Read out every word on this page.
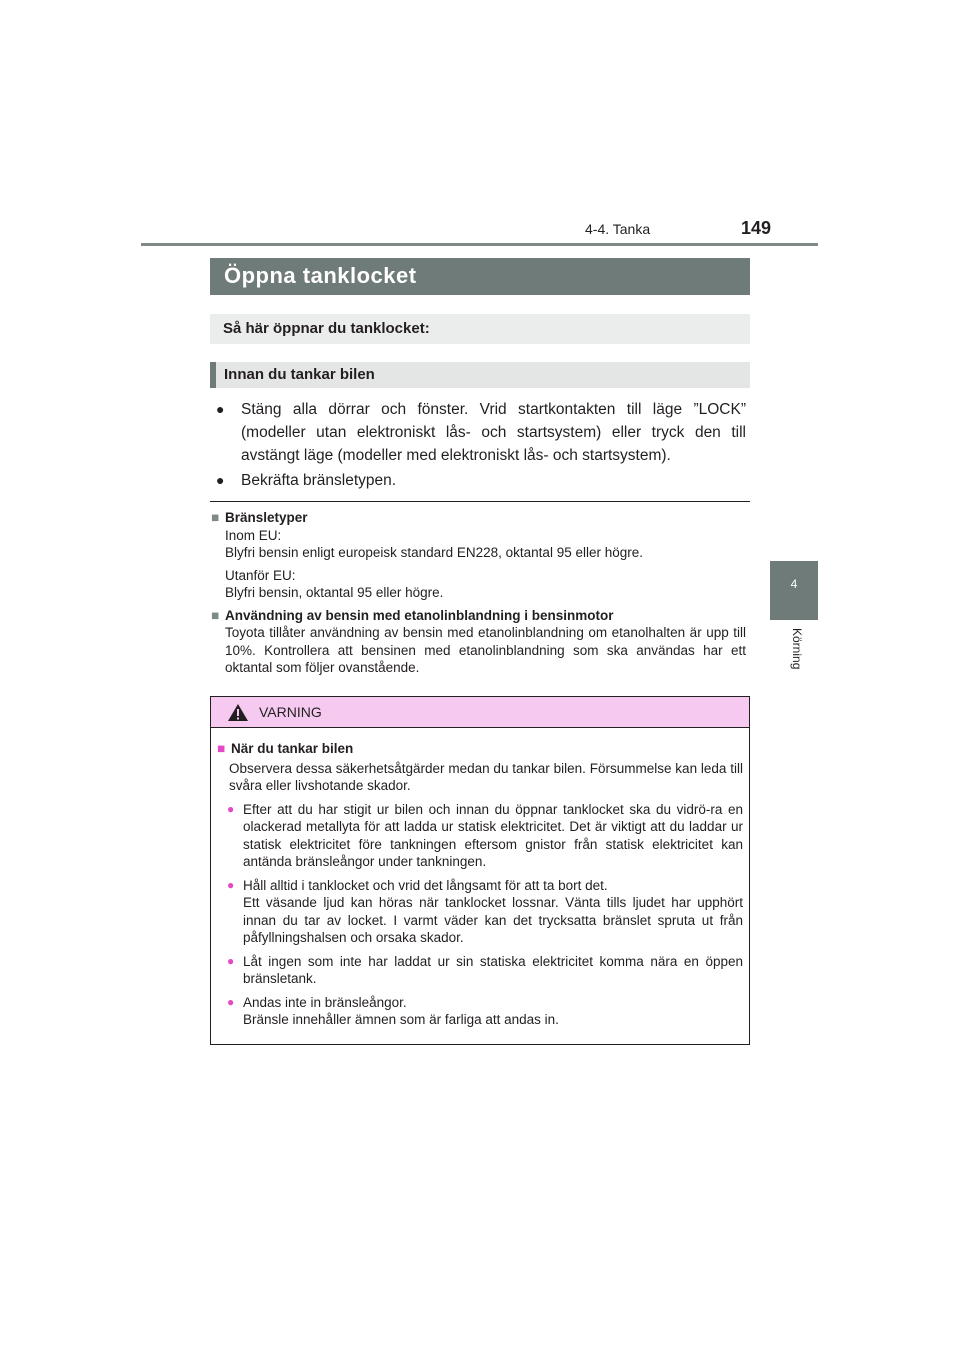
4-4. Tanka	149
4
Körning
Öppna tanklocket
Så här öppnar du tanklocket:
Innan du tankar bilen
●	Stäng alla dörrar och fönster. Vrid startkontakten till läge ”LOCK” (modeller utan elektroniskt lås- och startsystem) eller tryck den till avstängt läge (modeller med elektroniskt lås- och startsystem).
●	Bekräfta bränsletypen.
■ Bränsletyper

Inom EU:
Blyfri bensin enligt europeisk standard EN228, oktantal 95 eller högre.

Utanför EU:
Blyfri bensin, oktantal 95 eller högre.

■ Användning av bensin med etanolinblandning i bensinmotor

Toyota tillåter användning av bensin med etanolinblandning om etanolhalten är upp till 10%. Kontrollera att bensinen med etanolinblandning som ska användas har ett oktantal som följer ovanstående.

VARNING
■ När du tankar bilen
Observera dessa säkerhetsåtgärder medan du tankar bilen. Försummelse kan leda till svåra eller livshotande skador.
● Efter att du har stigit ur bilen och innan du öppnar tanklocket ska du vidrö-ra en olackerad metallyta för att ladda ur statisk elektricitet. Det är viktigt att du laddar ur statisk elektricitet före tankningen eftersom gnistor från statisk elektricitet kan antända bränsleångor under tankningen.
● Håll alltid i tanklocket och vrid det långsamt för att ta bort det.
Ett väsande ljud kan höras när tanklocket lossnar. Vänta tills ljudet har upphört innan du tar av locket. I varmt väder kan det trycksatta bränslet spruta ut från påfyllningshalsen och orsaka skador.
● Låt ingen som inte har laddat ur sin statiska elektricitet komma nära en öppen bränsletank.
● Andas inte in bränsleångor.
Bränsle innehåller ämnen som är farliga att andas in.
